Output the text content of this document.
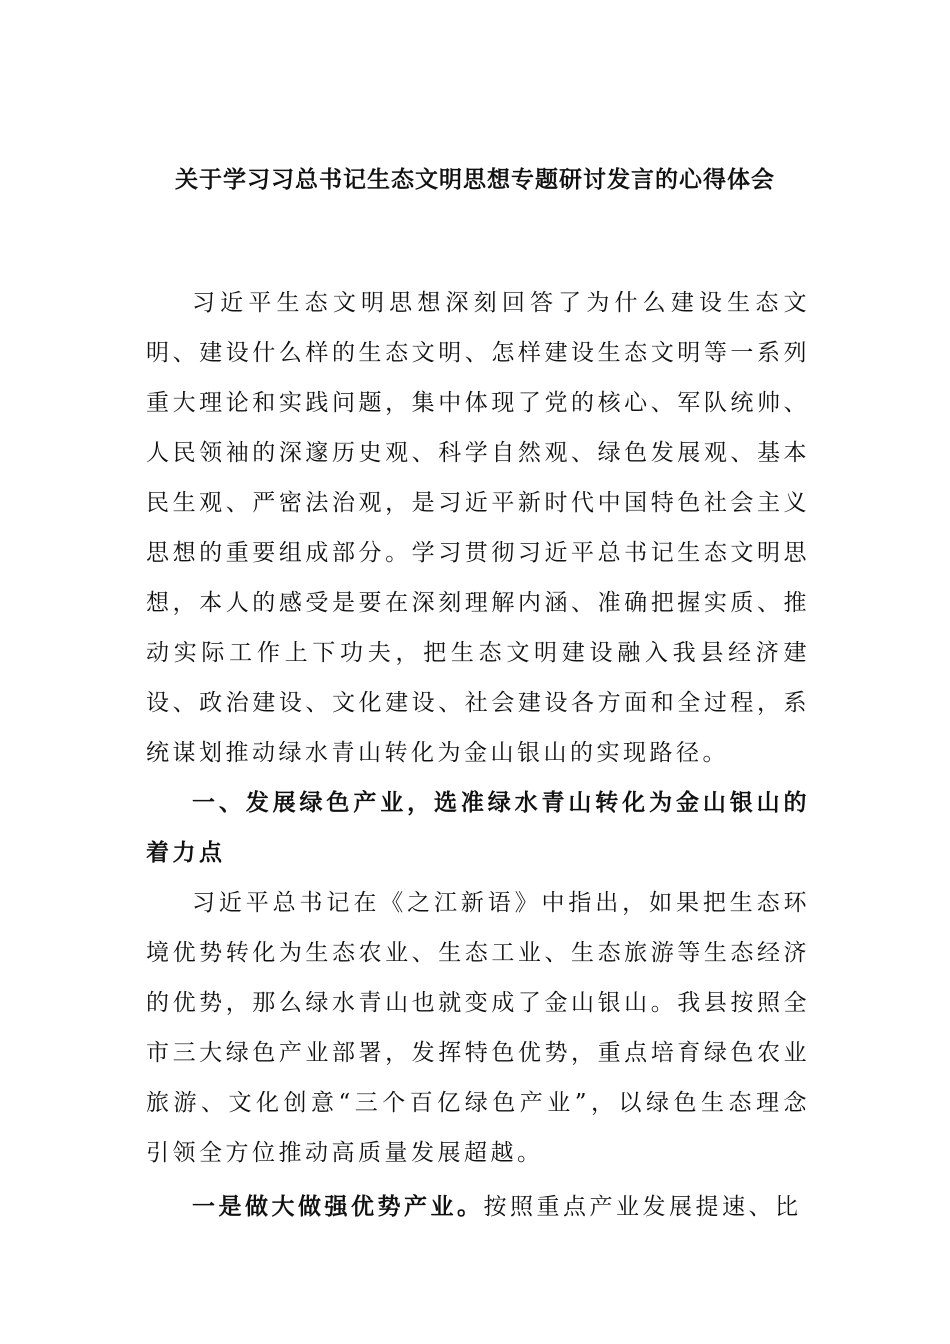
关于学习习总书记生态文明思想专题研讨发言的心得体会

习近平生态文明思想深刻回答了为什么建设生态文明、建设什么样的生态文明、怎样建设生态文明等一系列重大理论和实践问题，集中体现了党的核心、军队统帅、人民领袖的深邃历史观、科学自然观、绿色发展观、基本民生观、严密法治观，是习近平新时代中国特色社会主义思想的重要组成部分。学习贯彻习近平总书记生态文明思想，本人的感受是要在深刻理解内涵、准确把握实质、推动实际工作上下功夫，把生态文明建设融入我县经济建设、政治建设、文化建设、社会建设各方面和全过程，系统谋划推动绿水青山转化为金山银山的实现路径。

一、发展绿色产业，选准绿水青山转化为金山银山的着力点

习近平总书记在《之江新语》中指出，如果把生态环境优势转化为生态农业、生态工业、生态旅游等生态经济的优势，那么绿水青山也就变成了金山银山。我县按照全市三大绿色产业部署，发挥特色优势，重点培育绿色农业旅游、文化创意“三个百亿绿色产业”，以绿色生态理念引领全方位推动高质量发展超越。

一是做大做强优势产业。按照重点产业发展提速、比
